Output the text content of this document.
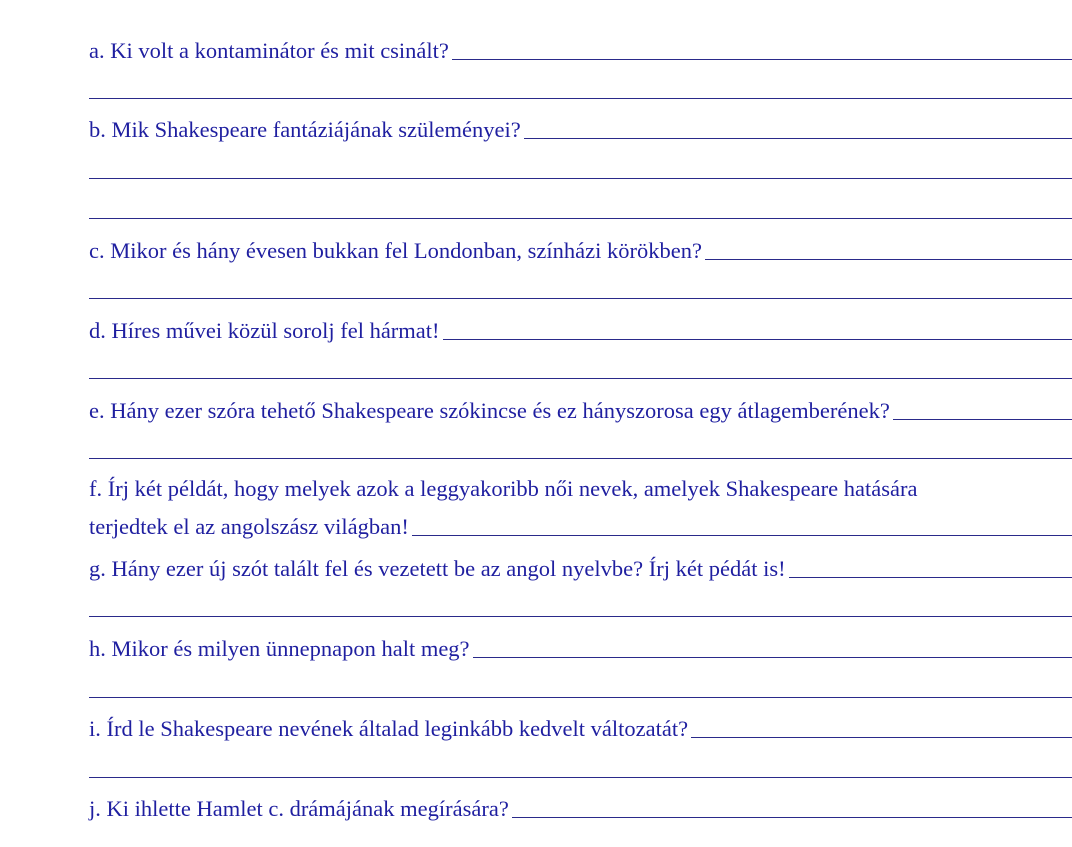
a. Ki volt a kontaminátor és mit csinált?
b. Mik Shakespeare fantáziájának szüleményei?
c. Mikor és hány évesen bukkan fel Londonban, színházi körökben?
d. Híres művei közül sorolj fel hármat!
e. Hány ezer szóra tehető Shakespeare szókincse és ez hányszorosa egy átlagemberének?
f. Írj két példát, hogy melyek azok a leggyakoribb női nevek, amelyek Shakespeare hatására
terjedtek el az angolszász világban!
g. Hány ezer új szót talált fel és vezetett be az angol nyelvbe? Írj két pédát is!
h. Mikor és milyen ünnepnapon halt meg?
i. Írd le Shakespeare nevének általad leginkább kedvelt változatát?
j. Ki ihlette Hamlet c. drámájának megírására?
